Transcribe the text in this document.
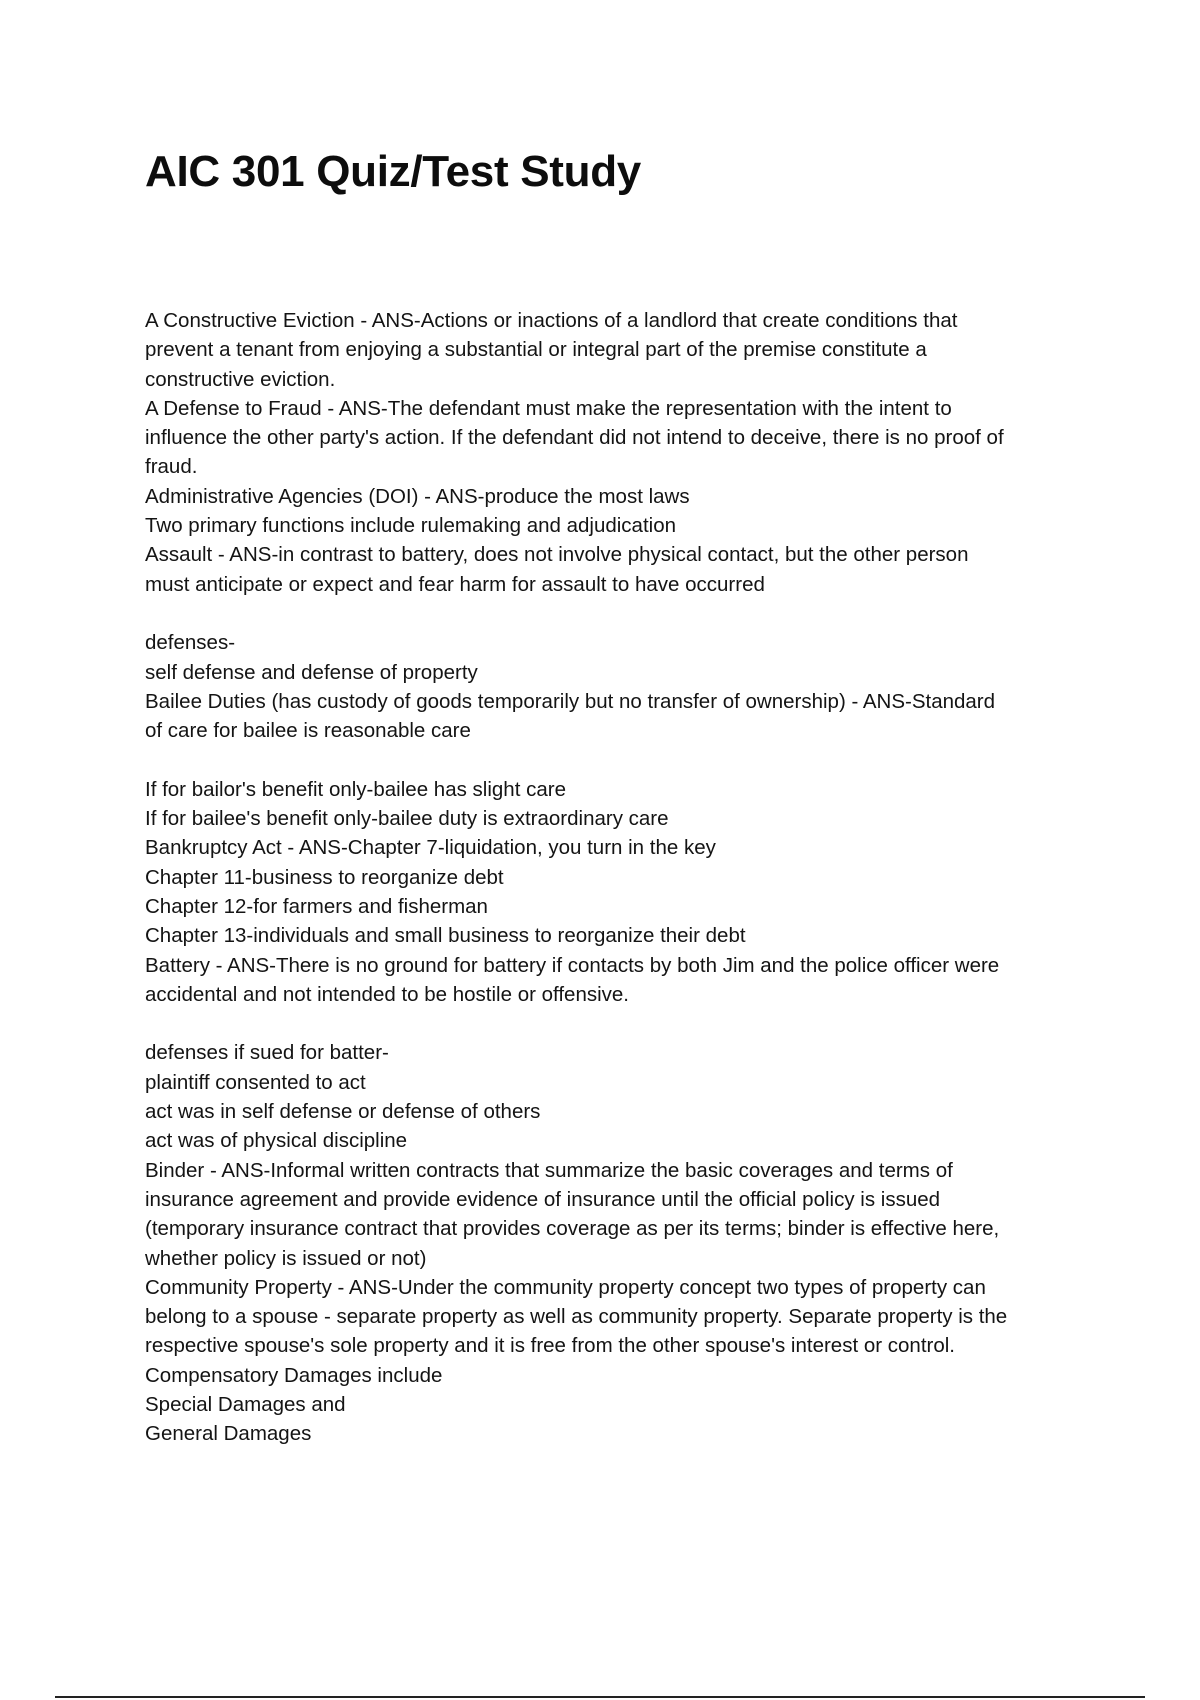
AIC 301 Quiz/Test Study
A Constructive Eviction - ANS-Actions or inactions of a landlord that create conditions that
prevent a tenant from enjoying a substantial or integral part of the premise constitute a
constructive eviction.
A Defense to Fraud - ANS-The defendant must make the representation with the intent to
influence the other party's action. If the defendant did not intend to deceive, there is no proof of
fraud.
Administrative Agencies (DOI) - ANS-produce the most laws
Two primary functions include rulemaking and adjudication
Assault - ANS-in contrast to battery, does not involve physical contact, but the other person
must anticipate or expect and fear harm for assault to have occurred
defenses-
self defense and defense of property
Bailee Duties (has custody of goods temporarily but no transfer of ownership) - ANS-Standard
of care for bailee is reasonable care
If for bailor's benefit only-bailee has slight care
If for bailee's benefit only-bailee duty is extraordinary care
Bankruptcy Act - ANS-Chapter 7-liquidation, you turn in the key
Chapter 11-business to reorganize debt
Chapter 12-for farmers and fisherman
Chapter 13-individuals and small business to reorganize their debt
Battery - ANS-There is no ground for battery if contacts by both Jim and the police officer were
accidental and not intended to be hostile or offensive.
defenses if sued for batter-
plaintiff consented to act
act was in self defense or defense of others
act was of physical discipline
Binder - ANS-Informal written contracts that summarize the basic coverages and terms of
insurance agreement and provide evidence of insurance until the official policy is issued
(temporary insurance contract that provides coverage as per its terms; binder is effective here,
whether policy is issued or not)
Community Property - ANS-Under the community property concept two types of property can
belong to a spouse - separate property as well as community property. Separate property is the
respective spouse's sole property and it is free from the other spouse's interest or control.
Compensatory Damages include
Special Damages and
General Damages
